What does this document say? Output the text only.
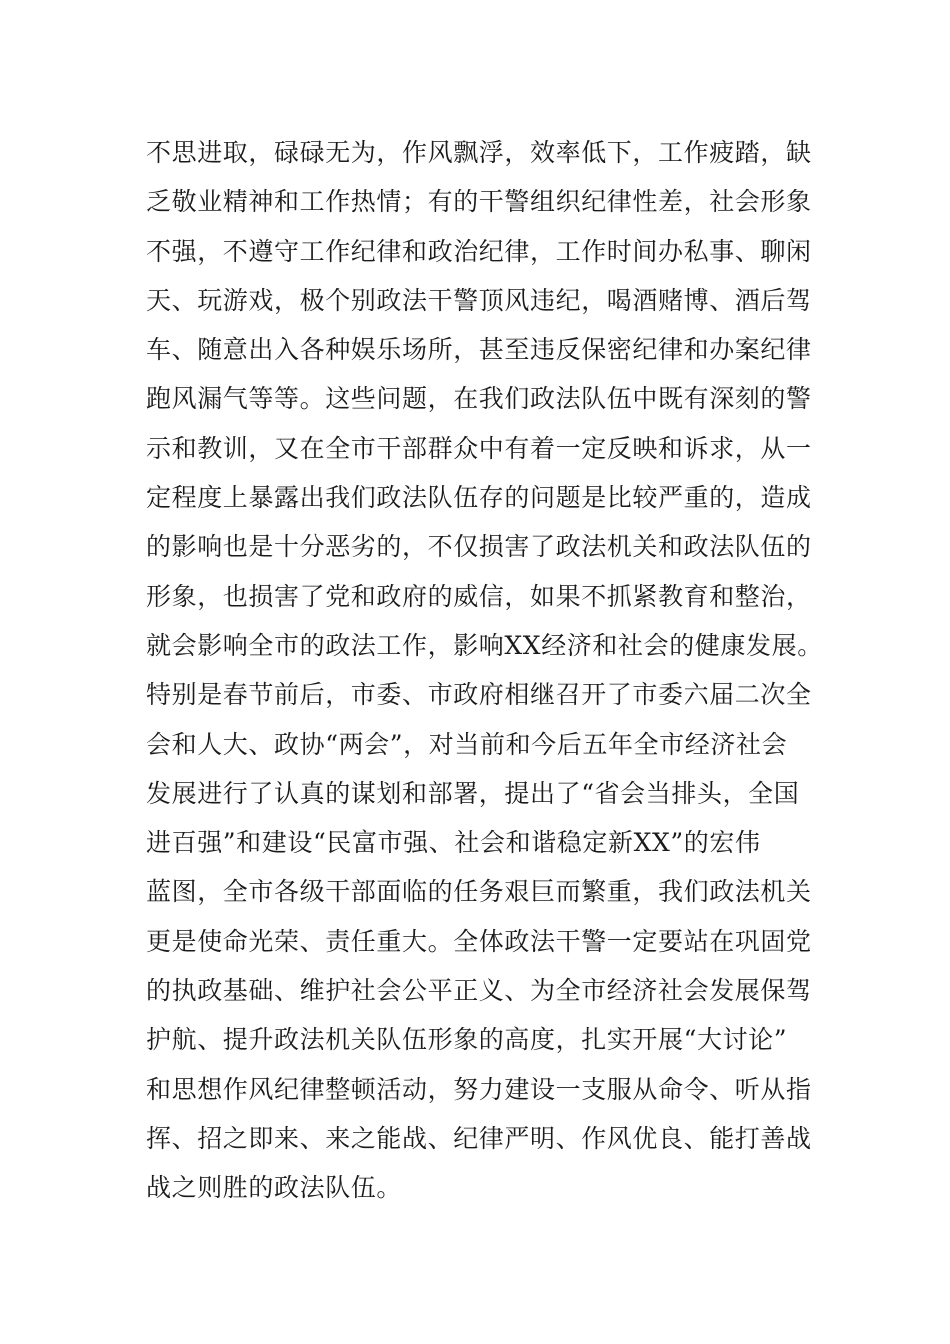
不思进取，碌碌无为，作风飘浮，效率低下，工作疲踏，缺
乏敬业精神和工作热情；有的干警组织纪律性差，社会形象
不强，不遵守工作纪律和政治纪律，工作时间办私事、聊闲
天、玩游戏，极个别政法干警顶风违纪，喝酒赌博、酒后驾
车、随意出入各种娱乐场所，甚至违反保密纪律和办案纪律
跑风漏气等等。这些问题，在我们政法队伍中既有深刻的警
示和教训，又在全市干部群众中有着一定反映和诉求，从一
定程度上暴露出我们政法队伍存的问题是比较严重的，造成
的影响也是十分恶劣的，不仅损害了政法机关和政法队伍的
形象，也损害了党和政府的威信，如果不抓紧教育和整治，
就会影响全市的政法工作，影响XX经济和社会的健康发展。
特别是春节前后，市委、市政府相继召开了市委六届二次全
会和人大、政协“两会”，对当前和今后五年全市经济社会
发展进行了认真的谋划和部署，提出了“省会当排头，全国
进百强”和建设“民富市强、社会和谐稳定新XX”的宏伟
蓝图，全市各级干部面临的任务艰巨而繁重，我们政法机关
更是使命光荣、责任重大。全体政法干警一定要站在巩固党
的执政基础、维护社会公平正义、为全市经济社会发展保驾
护航、提升政法机关队伍形象的高度，扎实开展“大讨论”
和思想作风纪律整顿活动，努力建设一支服从命令、听从指
挥、招之即来、来之能战、纪律严明、作风优良、能打善战
战之则胜的政法队伍。
